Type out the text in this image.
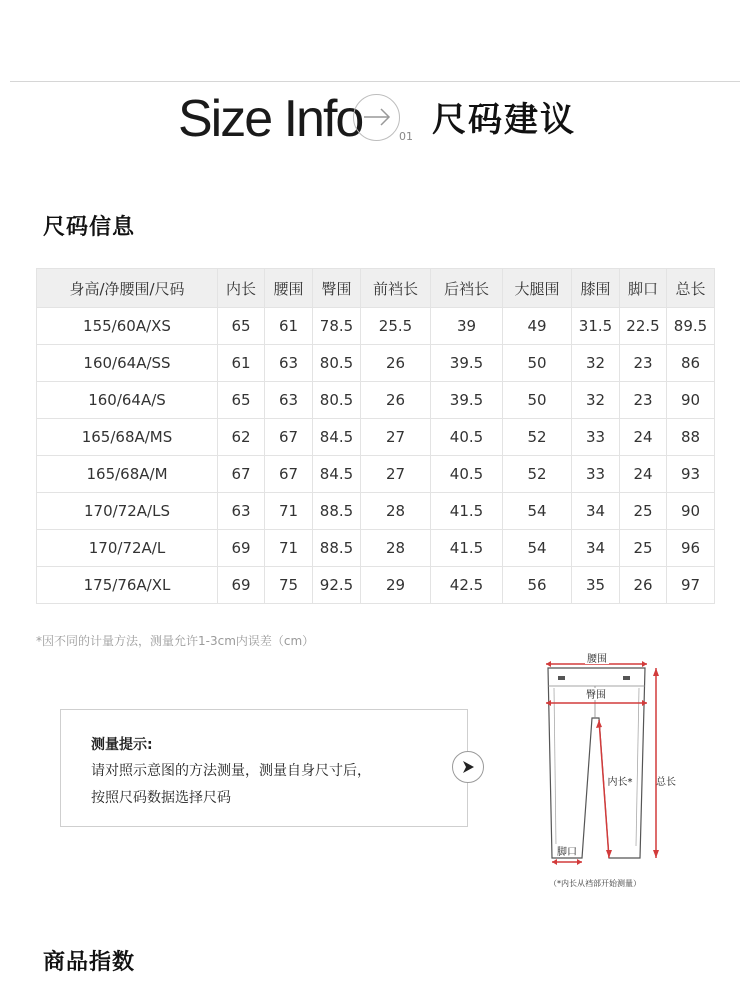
Size Info	01 尺码建议
尺码信息
身高/净腰围/尺码	内长	腰围	臀围	前裆长	后裆长	大腿围	膝围	脚口	总长
155/60A/XS	65	61	78.5	25.5	39	49	31.5	22.5	89.5
160/64A/SS	61	63	80.5	26	39.5	50	32	23	86
160/64A/S	65	63	80.5	26	39.5	50	32	23	90
165/68A/MS	62	67	84.5	27	40.5	52	33	24	88
165/68A/M	67	67	84.5	27	40.5	52	33	24	93
170/72A/LS	63	71	88.5	28	41.5	54	34	25	90
170/72A/L	69	71	88.5	28	41.5	54	34	25	96
175/76A/XL	69	75	92.5	29	42.5	56	35	26	97
*因不同的计量方法，测量允许1-3cm内误差（cm）
测量提示:
请对照示意图的方法测量，测量自身尺寸后，
按照尺码数据选择尺码
腰围
臀围
内长* 总长
脚口
（*内长从裆部开始测量）
商品指数
